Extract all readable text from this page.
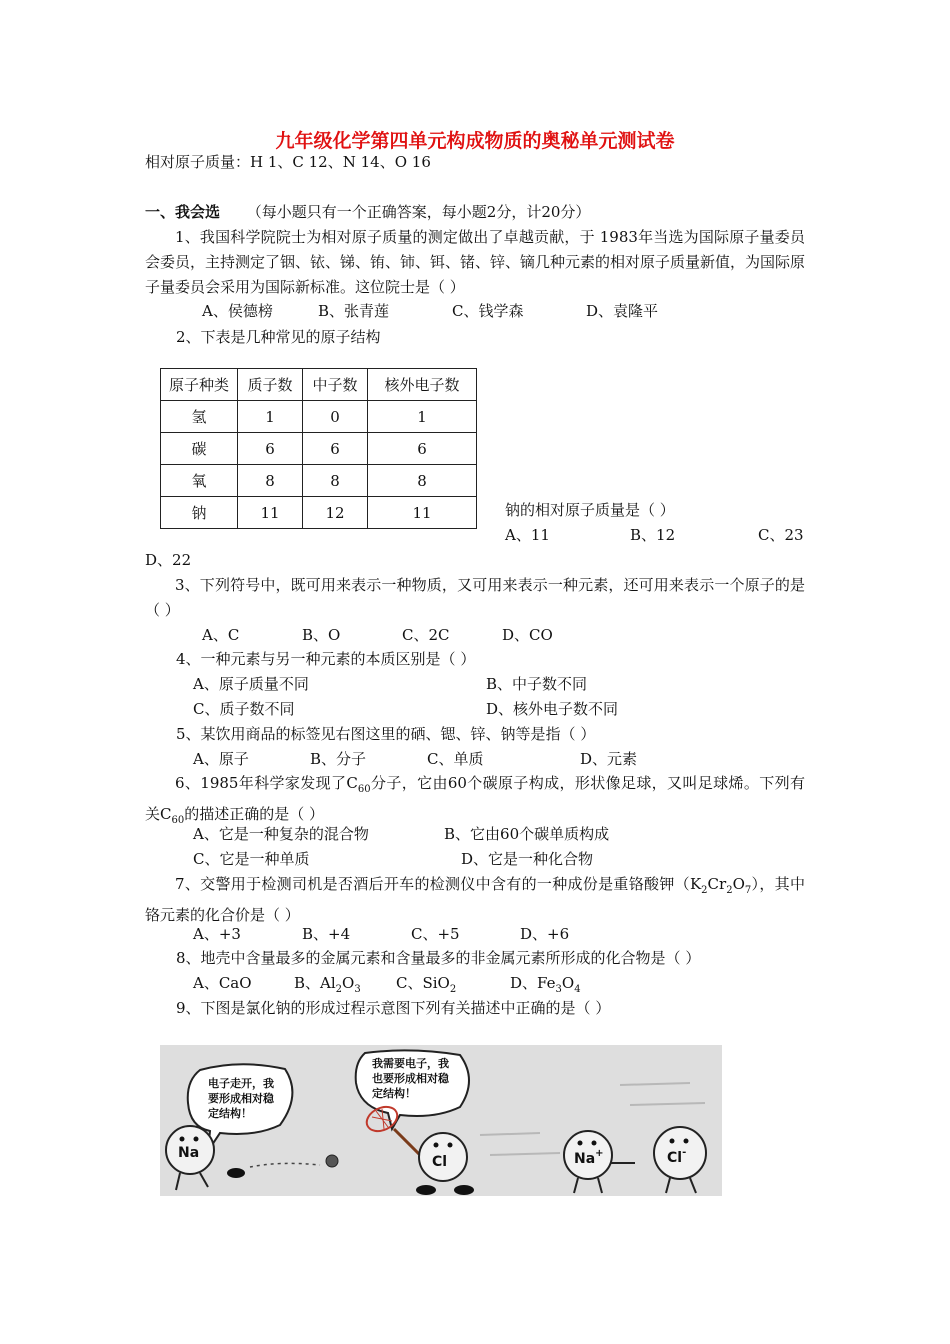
九年级化学第四单元构成物质的奥秘单元测试卷
相对原子质量：H 1、C 12、N 14、O 16
一、我会选 （每小题只有一个正确答案，每小题2分，计20分）
1、我国科学院院士为相对原子质量的测定做出了卓越贡献，于 1983年当选为国际原子量委员会委员，主持测定了铟、铱、锑、铕、铈、铒、锗、锌、镝几种元素的相对原子质量新值，为国际原子量委员会采用为国际新标准。这位院士是（ ）
A、侯德榜	B、张青莲	C、钱学森	D、袁隆平
2、下表是几种常见的原子结构
原子种类	质子数	中子数	核外电子数
氢	1	0	1
碳	6	6	6
氧	8	8	8
钠	11	12	11	钠的相对原子质量是（ ）
A、11	B、12	C、23
D、22
3、下列符号中，既可用来表示一种物质，又可用来表示一种元素，还可用来表示一个原子的是（ ）
A、C	B、O	C、2C	D、CO
4、一种元素与另一种元素的本质区别是（ ）
A、原子质量不同	B、中子数不同
C、质子数不同	D、核外电子数不同
5、某饮用商品的标签见右图这里的硒、锶、锌、钠等是指（ ）
A、原子	B、分子	C、单质	D、元素
6、1985年科学家发现了$C_{60}$分子，它由60个碳原子构成，形状像足球，又叫足球烯。下列有关$C_{60}$的描述正确的是（ ）
A、它是一种复杂的混合物	B、它由60个碳单质构成
C、它是一种单质	D、它是一种化合物
7、交警用于检测司机是否酒后开车的检测仪中含有的一种成份是重铬酸钾$(K_2Cr_2O_7)$，其中铬元素的化合价是（ ）
A、+3	B、+4	C、+5	D、+6
8、地壳中含量最多的金属元素和含量最多的非金属元素所形成的化合物是（ ）
A、CaO	B、$Al_2O_3$ C、SiO$_2$	D、$Fe_3O_4$
9、下图是氯化钠的形成过程示意图下列有关描述中正确的是（ ）
电子走开，我
要形成相对稳
定结构！
我需要电子，我
也要形成相对稳
定结构！
Na
Cl	Na+	Cl-
